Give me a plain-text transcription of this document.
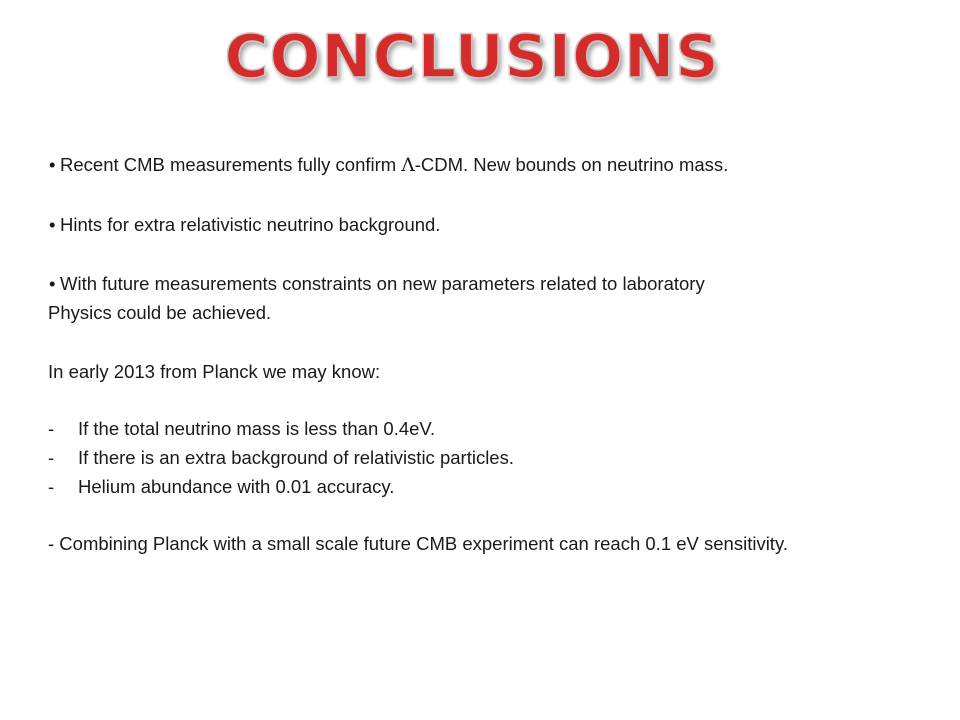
CONCLUSIONS
• Recent CMB measurements fully confirm Λ-CDM. New bounds on neutrino mass.
• Hints for extra relativistic neutrino background.
• With future measurements constraints on new parameters related to laboratory
Physics could be achieved.
In early 2013 from Planck we may know:
- If the total neutrino mass is less than 0.4eV.
- If there is an extra background of relativistic particles.
- Helium abundance with 0.01 accuracy.
- Combining Planck with a small scale future CMB experiment can reach 0.1 eV sensitivity.
